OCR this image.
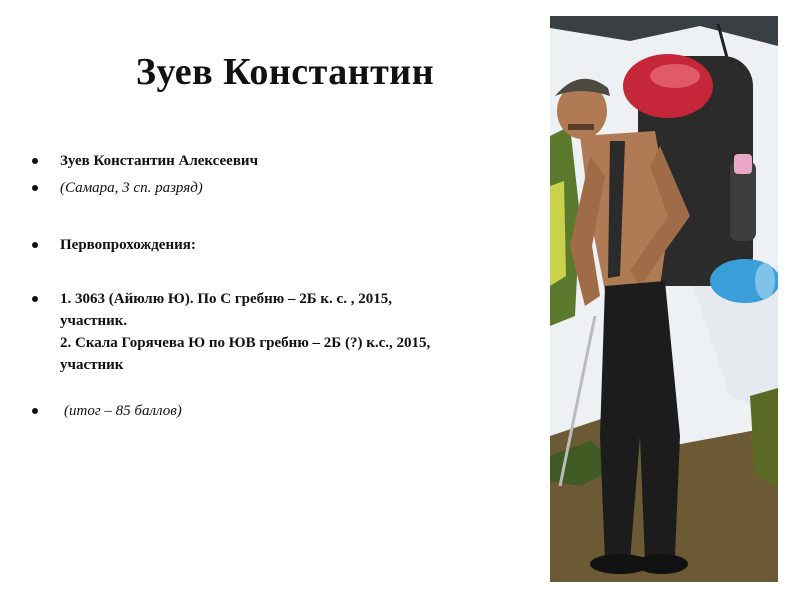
Зуев Константин
Зуев Константин Алексеевич
(Самара, 3 сп. разряд)
Первопрохождения:
1. 3063 (Айюлю Ю). По С гребню – 2Б к. с. , 2015,
участник.
2. Скала Горячева Ю по ЮВ гребню – 2Б (?) к.с., 2015,
участник
(итог – 85 баллов)
